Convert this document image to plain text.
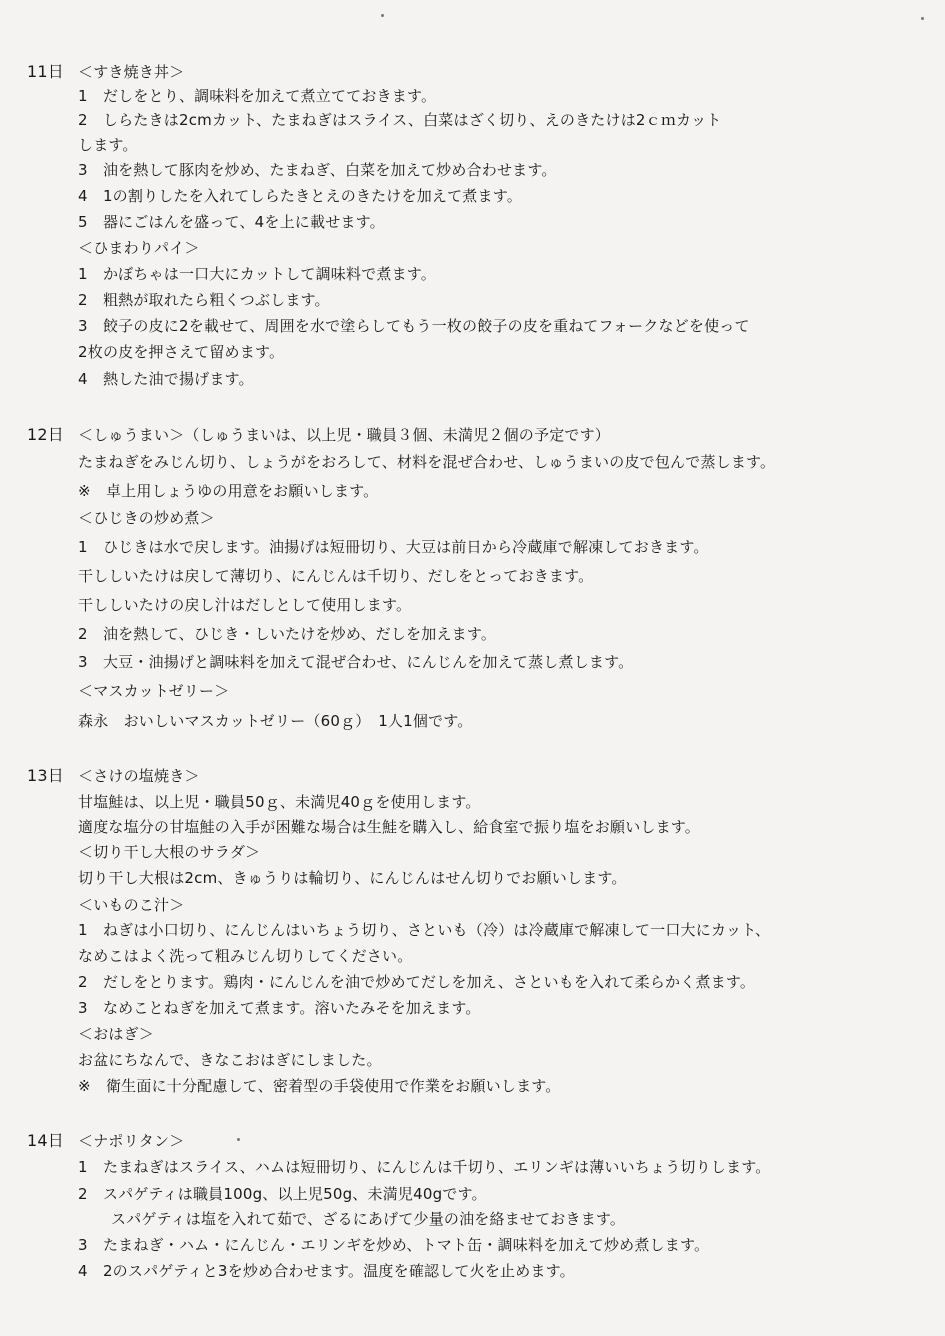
11日 ＜すき焼き丼＞
1　だしをとり、調味料を加えて煮立てておきます。
2　しらたきは2cmカット、たまねぎはスライス、白菜はざく切り、えのきたけは2ｃｍカット
します。
3　油を熱して豚肉を炒め、たまねぎ、白菜を加えて炒め合わせます。
4　1の割りしたを入れてしらたきとえのきたけを加えて煮ます。
5　器にごはんを盛って、4を上に載せます。
＜ひまわりパイ＞
1　かぼちゃは一口大にカットして調味料で煮ます。
2　粗熱が取れたら粗くつぶします。
3　餃子の皮に2を載せて、周囲を水で塗らしてもう一枚の餃子の皮を重ねてフォークなどを使って
2枚の皮を押さえて留めます。
4　熱した油で揚げます。
12日 ＜しゅうまい＞（しゅうまいは、以上児・職員３個、未満児２個の予定です）
たまねぎをみじん切り、しょうがをおろして、材料を混ぜ合わせ、しゅうまいの皮で包んで蒸します。
※　卓上用しょうゆの用意をお願いします。
＜ひじきの炒め煮＞
1　ひじきは水で戻します。油揚げは短冊切り、大豆は前日から冷蔵庫で解凍しておきます。
干ししいたけは戻して薄切り、にんじんは千切り、だしをとっておきます。
干ししいたけの戻し汁はだしとして使用します。
2　油を熱して、ひじき・しいたけを炒め、だしを加えます。
3　大豆・油揚げと調味料を加えて混ぜ合わせ、にんじんを加えて蒸し煮します。
＜マスカットゼリー＞
森永　おいしいマスカットゼリー（60ｇ）　1人1個です。
13日 ＜さけの塩焼き＞
甘塩鮭は、以上児・職員50ｇ、未満児40ｇを使用します。
適度な塩分の甘塩鮭の入手が困難な場合は生鮭を購入し、給食室で振り塩をお願いします。
＜切り干し大根のサラダ＞
切り干し大根は2cm、きゅうりは輪切り、にんじんはせん切りでお願いします。
＜いものこ汁＞
1　ねぎは小口切り、にんじんはいちょう切り、さといも（冷）は冷蔵庫で解凍して一口大にカット、
なめこはよく洗って粗みじん切りしてください。
2　だしをとります。鶏肉・にんじんを油で炒めてだしを加え、さといもを入れて柔らかく煮ます。
3　なめことねぎを加えて煮ます。溶いたみそを加えます。
＜おはぎ＞
お盆にちなんで、きなこおはぎにしました。
※　衛生面に十分配慮して、密着型の手袋使用で作業をお願いします。
14日 ＜ナポリタン＞
1　たまねぎはスライス、ハムは短冊切り、にんじんは千切り、エリンギは薄いいちょう切りします。
2　スパゲティは職員100g、以上児50g、未満児40gです。
スパゲティは塩を入れて茹で、ざるにあげて少量の油を絡ませておきます。
3　たまねぎ・ハム・にんじん・エリンギを炒め、トマト缶・調味料を加えて炒め煮します。
4　2のスパゲティと3を炒め合わせます。温度を確認して火を止めます。
